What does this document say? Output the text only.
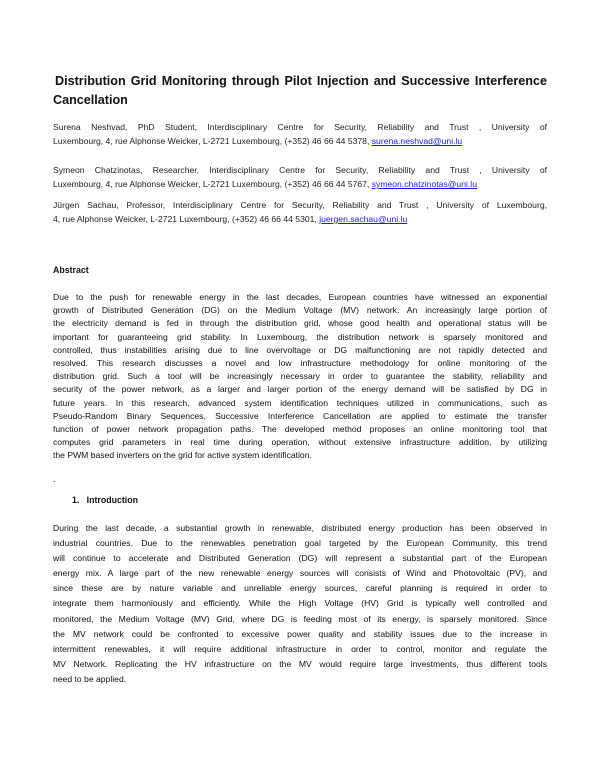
Distribution Grid Monitoring through Pilot Injection and Successive Interference
Cancellation
Surena Neshvad, PhD Student, Interdisciplinary Centre for Security, Reliability and Trust , University of
Luxembourg, 4, rue Alphonse Weicker, L-2721 Luxembourg, (+352) 46 66 44 5378, surena.neshvad@uni.lu
Symeon Chatzinotas, Researcher, Interdisciplinary Centre for Security, Reliability and Trust , University of
Luxembourg, 4, rue Alphonse Weicker, L-2721 Luxembourg, (+352) 46 66 44 5767, symeon.chatzinotas@uni.lu
Jürgen Sachau, Professor, Interdisciplinary Centre for Security, Reliability and Trust , University of Luxembourg,
4, rue Alphonse Weicker, L-2721 Luxembourg, (+352) 46 66 44 5301, juergen.sachau@uni.lu
Abstract
Due to the push for renewable energy in the last decades, European countries have witnessed an exponential
growth of Distributed Generation (DG) on the Medium Voltage (MV) network. An increasingly large portion of
the electricity demand is fed in through the distribution grid, whose good health and operational status will be
important for guaranteeing grid stability. In Luxembourg, the distribution network is sparsely monitored and
controlled, thus instabilities arising due to line overvoltage or DG malfunctioning are not rapidly detected and
resolved. This research discusses a novel and low infrastructure methodology for online monitoring of the
distribution grid. Such a tool will be increasingly necessary in order to guarantee the stability, reliability and
security of the power network, as a larger and larger portion of the energy demand will be satisfied by DG in
future years. In this research, advanced system identification techniques utilized in communications, such as
Pseudo-Random Binary Sequences, Successive Interference Cancellation are applied to estimate the transfer
function of power network propagation paths. The developed method proposes an online monitoring tool that
computes grid parameters in real time during operation, without extensive infrastructure addition, by utilizing
the PWM based inverters on the grid for active system identification.
.
1.   Introduction
During the last decade, a substantial growth in renewable, distributed energy production has been observed in
industrial countries. Due to the renewables penetration goal targeted by the European Community, this trend
will continue to accelerate and Distributed Generation (DG) will represent a substantial part of the European
energy mix. A large part of the new renewable energy sources will consists of Wind and Photovoltaic (PV), and
since these are by nature variable and unreliable energy sources, careful planning is required in order to
integrate them harmoniously and efficiently. While the High Voltage (HV) Grid is typically well controlled and
monitored, the Medium Voltage (MV) Grid, where DG is feeding most of its energy, is sparsely monitored. Since
the MV network could be confronted to excessive power quality and stability issues due to the increase in
intermittent renewables, it will require additional infrastructure in order to control, monitor and regulate the
MV Network. Replicating the HV infrastructure on the MV would require large investments, thus different tools
need to be applied.
